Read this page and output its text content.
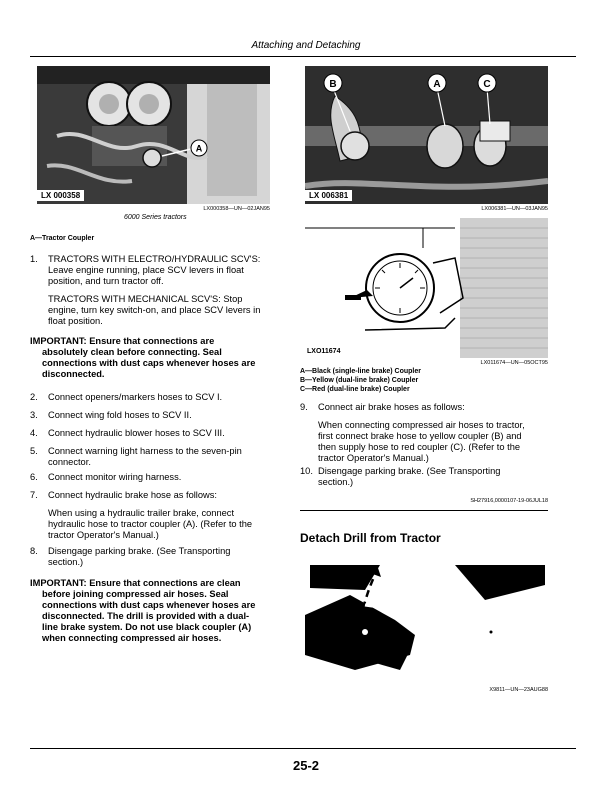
Attaching and Detaching
A
LX 000358
LX000358—UN—02JAN95
6000 Series tractors
A—Tractor Coupler
1. TRACTORS WITH ELECTRO/HYDRAULIC SCV'S:
Leave engine running, place SCV levers in float
position, and turn tractor off.
TRACTORS WITH MECHANICAL SCV'S: Stop
engine, turn key switch-on, and place SCV levers in
float position.
IMPORTANT: Ensure that connections are
absolutely clean before connecting. Seal
connections with dust caps whenever hoses are
disconnected.
2. Connect openers/markers hoses to SCV I.
3. Connect wing fold hoses to SCV II.
4. Connect hydraulic blower hoses to SCV III.
5. Connect warning light harness to the seven-pin
connector.
6. Connect monitor wiring harness.
7. Connect hydraulic brake hose as follows:
When using a hydraulic trailer brake, connect
hydraulic hose to tractor coupler (A). (Refer to the
tractor Operator's Manual.)
8. Disengage parking brake. (See Transporting
section.)
IMPORTANT: Ensure that connections are clean
before joining compressed air hoses. Seal
connections with dust caps whenever hoses are
disconnected. The drill is provided with a dual-
line brake system. Do not use black coupler (A)
when connecting compressed air hoses.
B	A	C
LX 006381
LX006381—UN—03JAN95
LXO11674
LX011674—UN—05OCT95
A—Black (single-line brake) Coupler
B—Yellow (dual-line brake) Coupler
C—Red (dual-line brake) Coupler
9. Connect air brake hoses as follows:
When connecting compressed air hoses to tractor,
first connect brake hose to yellow coupler (B) and
then supply hose to red coupler (C). (Refer to the
tractor Operator's Manual.)
10. Disengage parking brake. (See Transporting
section.)
SH27916,0000107-19-06JUL18
Detach Drill from Tractor
X9811—UN—23AUG88
25-2
